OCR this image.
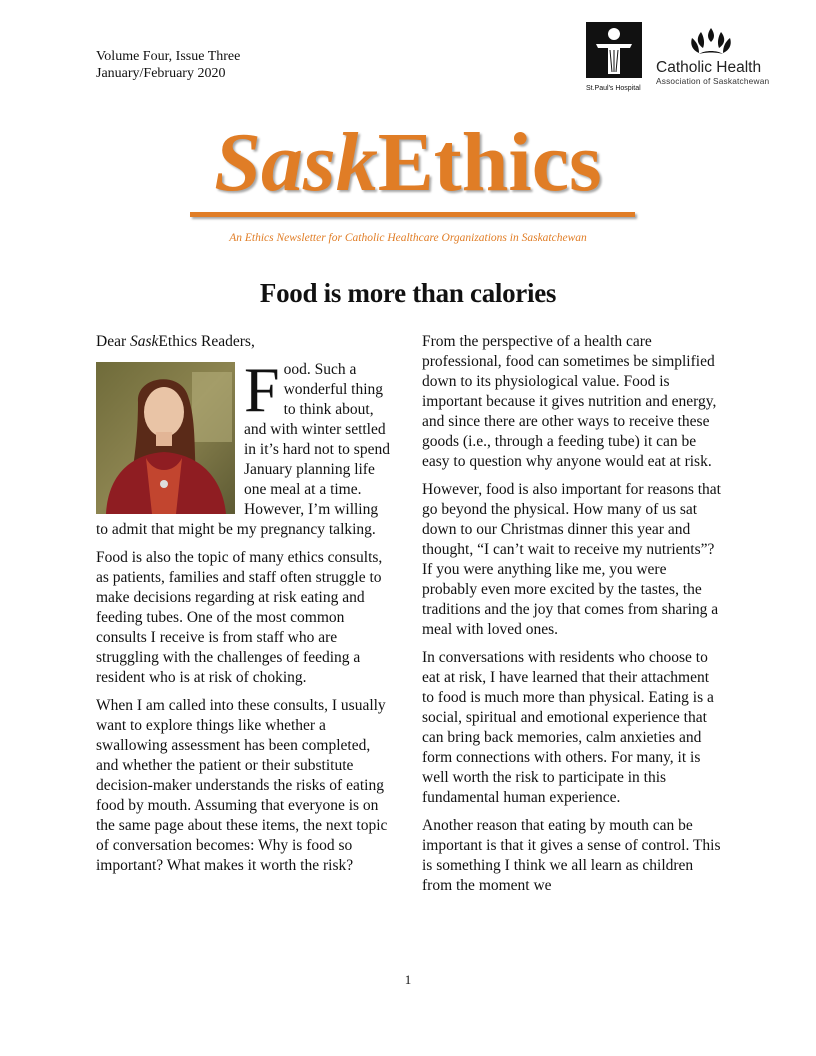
Volume Four, Issue Three
January/February 2020
St.Paul's Hospital
Catholic Health
Association of Saskatchewan
SaskEthics
An Ethics Newsletter for Catholic Healthcare Organizations in Saskatchewan
Food is more than calories
Dear SaskEthics Readers,
F ood. Such a wonderful thing to think about, and with winter settled in it’s hard not to spend January planning life one meal at a time. However, I’m willing to admit that might be my pregnancy talking.

Food is also the topic of many ethics consults, as patients, families and staff often struggle to make decisions regarding at risk eating and feeding tubes. One of the most common consults I receive is from staff who are struggling with the challenges of feeding a resident who is at risk of choking.

When I am called into these consults, I usually want to explore things like whether a swallowing assessment has been completed, and whether the patient or their substitute decision-maker understands the risks of eating food by mouth. Assuming that everyone is on the same page about these items, the next topic of conversation becomes: Why is food so important? What makes it worth the risk?

From the perspective of a health care professional, food can sometimes be simplified down to its physiological value. Food is important because it gives nutrition and energy, and since there are other ways to receive these goods (i.e., through a feeding tube) it can be easy to question why anyone would eat at risk.

However, food is also important for reasons that go beyond the physical. How many of us sat down to our Christmas dinner this year and thought, “I can’t wait to receive my nutrients”? If you were anything like me, you were probably even more excited by the tastes, the traditions and the joy that comes from sharing a meal with loved ones.

In conversations with residents who choose to eat at risk, I have learned that their attachment to food is much more than physical. Eating is a social, spiritual and emotional experience that can bring back memories, calm anxieties and form connections with others. For many, it is well worth the risk to participate in this fundamental human experience.

Another reason that eating by mouth can be important is that it gives a sense of control. This is something I think we all learn as children from the moment we

1
